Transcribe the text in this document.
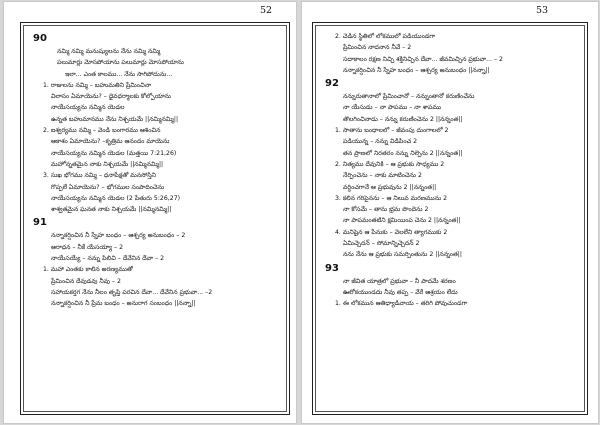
52
90
నమ్మి నమ్మి మనుష్యులను నేను నమ్మి నమ్మి
పలుమార్లు మోసపోయాను పలుమార్లు మోసపోయాను
ఇలా... ఎంత కాలము... నేను సాగిపోదును...
1. రాజులను నమ్మి – బహుమతిని ప్రేమించినా
విలాసం ఏమాయెను? – ధైవధర్మాలకు కోల్పోయాను
నాయేసయ్యను నమ్మిన యెడల
ఉన్నత బహుమానము నేను నిశ్చయమే ||నమ్మినమ్మి||
2. ఐశ్వర్యము నమ్మి – వెండి బంగారము ఆశించిన
ఆకాశం ఏమాయెను? –కృత్రిమ ఆనందం మాయెను
నాయేసయ్యను నమ్మిన యెడల (మత్తయి 7:21,26)
మహోన్నతమైన నాకు నిశ్చయమే ||నమ్మినమ్మి||
3. సుఖ భోగము నమ్మి – ధనాపేక్షతో మనసోస్తిని
గొప్పలే ఏమాయెను? – భోగముల సంపాదించెను
నాయేసయ్యను నమ్మిన యెడల (2 పేతురు 5:26,27)
శాశ్వతమైన ఘనత నాకు నిశ్చయమే ||నమ్మినమ్మి||
91
నన్నాకర్షించిన నీ స్నేహ బంధం – ఆశ్చర్య అనుబంధం – 2
ఆరాధన – నీకే యేసయ్యా – 2
నాయేసయ్యే – నన్ను పిలిచి – దేవేనిన దేవా – 2
1. మహా ఎంతకు కాలిన అరణ్యముతో
ప్రేమించిన దేవుడవు నీవు – 2
సహాయకర్తగ నేను నీలం తృప్తి పరచిన దేవా... దేవేనిన ప్రభువా... –2
నన్నాకర్షించిన నీ ప్రేమ బంధం – అనురాగ సంబంధం ||నన్నా||
53
2. చెడిన స్థితిలో లోకములో పడియుండగా
ప్రేమించిన నాదనాన నీవే – 2
సదాకాలం రక్షణ నిచ్చి శక్తినిచ్చిన దేవా... జీవమిచ్చిన ప్రభువా... – 2
నన్నాకర్షించిన నీ స్నేహ బంధం – ఆశ్చర్య అనుబంధం ||నన్నా||
92
నన్నురుతానాలో ప్రేమించానో – నన్నుంతానో కరుణించేను
నా యేసుడు – నా పాపము – నా శాపము
తొలగించినాడు – నన్ను కరుణించెను 2 ||నన్నంత||
1. సాతాను బంధాలలో – జీవంపు దుంగాలలో 2
పడియున్న – నన్ను విడిపించ 2
తన ప్రాణలో నిరతరం నన్ను నిల్పెను 2 ||నన్నంత||
2. నిత్యము దేవునికి – ఆ ప్రభుకు సాధ్యము 2
నేర్పించెను – నాకు మాటించెను 2
వర్ధించగానే ఆ ప్రభువును 2 ||నన్నంత||
3. కలిన గరిపైనను – ఆ నిలువ మరణమును 2
నా కోసమే – తాను భ్రమ పొందెను 2
నా పాపమంతటిని క్షమియింప చెను 2 ||నన్నంత||
4. మనిషైన ఆ పేనుకు – వెలలేని త్యాగముకు 2
ఏమిచ్చెదన్ – సోమాన్నిచ్చెదన్ 2
నను నేను ఆ ప్రభుకు సమర్పింతును 2 ||నన్నంత||
93
నా జీవిత యాత్రలో ప్రభువా – నీ పాదమే శరణం
ఊరోకయుండదు నీవు తప్ప – వేరే ఆశ్రయం లేదు
1. ఈ లోకమున ఆతిధ్యాడివాయ – తరిగి పోవుచుండగా
